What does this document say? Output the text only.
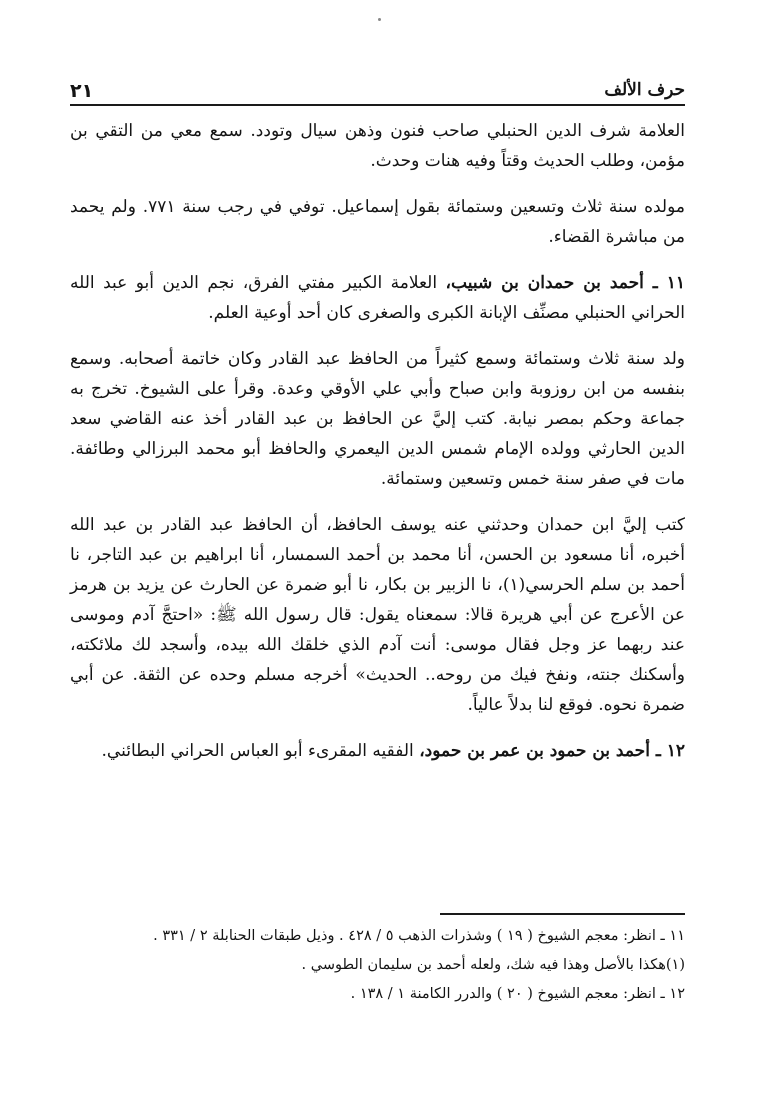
حرف الألف
٢١

العلامة شرف الدين الحنبلي صاحب فنون وذهن سيال وتودد. سمع معي من التقي بن مؤمن، وطلب الحديث وقتاً وفيه هنات وحدث.

مولده سنة ثلاث وتسعين وستمائة بقول إسماعيل. توفي في رجب سنة ٧٧١. ولم يحمد من مباشرة القضاء.

١١ ـ أحمد بن حمدان بن شبيب، العلامة الكبير مفتي الفرق، نجم الدين أبو عبد الله الحراني الحنبلي مصنِّف الإبانة الكبرى والصغرى كان أحد أوعية العلم.

ولد سنة ثلاث وستمائة وسمع كثيراً من الحافظ عبد القادر وكان خاتمة أصحابه. وسمع بنفسه من ابن روزوبة وابن صباح وأبي علي الأوقي وعدة. وقرأ على الشيوخ. تخرج به جماعة وحكم بمصر نيابة. كتب إليَّ عن الحافظ بن عبد القادر أخذ عنه القاضي سعد الدين الحارثي وولده الإمام شمس الدين اليعمري والحافظ أبو محمد البرزالي وطائفة. مات في صفر سنة خمس وتسعين وستمائة.

كتب إليَّ ابن حمدان وحدثني عنه يوسف الحافظ، أن الحافظ عبد القادر بن عبد الله أخبره، أنا مسعود بن الحسن، أنا محمد بن أحمد السمسار، أنا ابراهيم بن عبد التاجر، نا أحمد بن سلم الحرسي(١)، نا الزبير بن بكار، نا أبو ضمرة عن الحارث عن يزيد بن هرمز عن الأعرج عن أبي هريرة قالا: سمعناه يقول: قال رسول الله ﷺ: «احتجَّ آدم وموسى عند ربهما عز وجل فقال موسى: أنت آدم الذي خلقك الله بيده، وأسجد لك ملائكته، وأسكنك جنته، ونفخ فيك من روحه.. الحديث» أخرجه مسلم وحده عن الثقة. عن أبي ضمرة نحوه. فوقع لنا بدلاً عالياً.

١٢ ـ أحمد بن حمود بن عمر بن حمود، الفقيه المقرىء أبو العباس الحراني البطائني.

١١ ـ انظر: معجم الشيوخ ( ١٩ ) وشذرات الذهب ٥ / ٤٢٨ . وذيل طبقات الحنابلة ٢ / ٣٣١ .

(١)هكذا بالأصل وهذا فيه شك، ولعله أحمد بن سليمان الطوسي .

١٢ ـ انظر: معجم الشيوخ ( ٢٠ ) والدرر الكامنة ١ / ١٣٨ .
